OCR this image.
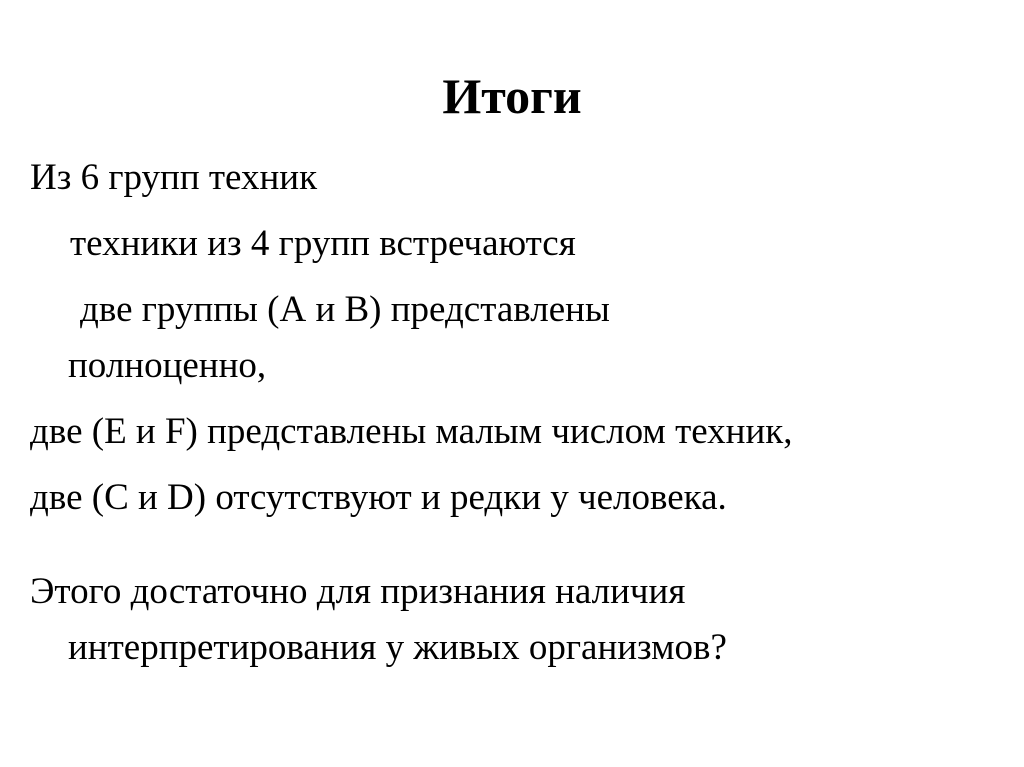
Итоги
Из 6 групп техник
техники из 4 групп встречаются
две группы (А и В) представлены
полноценно,
две (Е и F) представлены малым числом техник,
две (С и D) отсутствуют и редки у человека.
Этого достаточно для признания наличия
интерпретирования у живых организмов?
